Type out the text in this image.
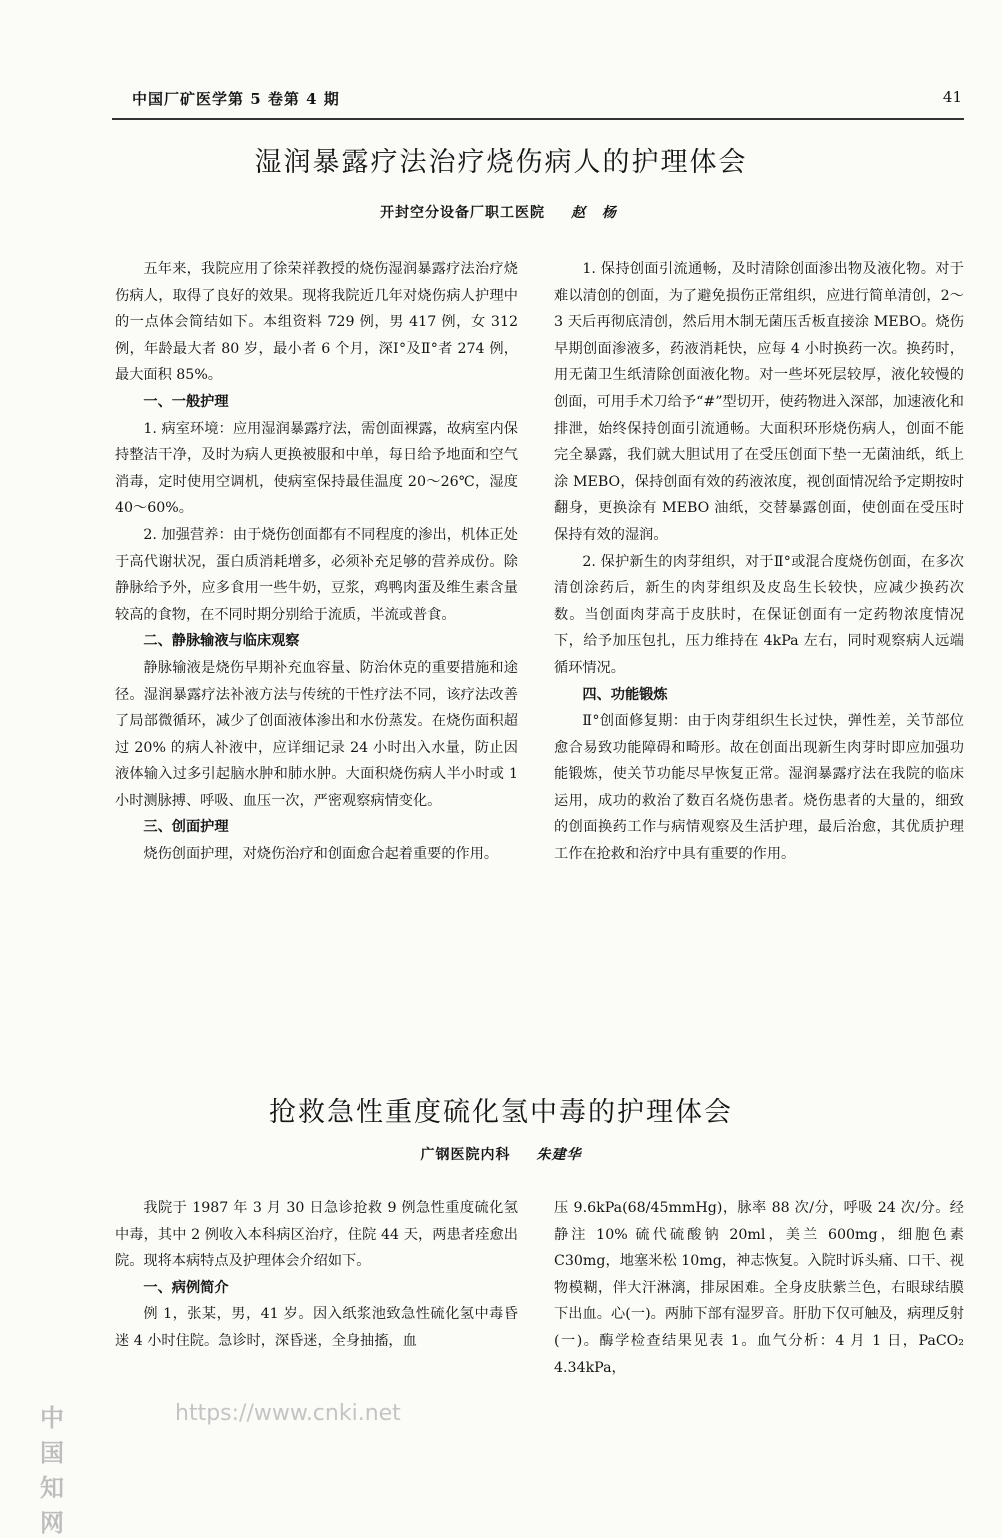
中国厂矿医学第 5 卷第 4 期	41
湿润暴露疗法治疗烧伤病人的护理体会
开封空分设备厂职工医院 赵 杨

五年来，我院应用了徐荣祥教授的烧伤湿润暴露疗法治疗烧伤病人，取得了良好的效果。现将我院近几年对烧伤病人护理中的一点体会简结如下。本组资料 729 例，男 417 例，女 312 例，年龄最大者 80 岁，最小者 6 个月，深Ⅰ°及Ⅱ°者 274 例，最大面积 85%。

一、一般护理

1. 病室环境：应用湿润暴露疗法，需创面裸露，故病室内保持整洁干净，及时为病人更换被服和中单，每日给予地面和空气消毒，定时使用空调机，使病室保持最佳温度 20～26℃，湿度 40～60%。

2. 加强营养：由于烧伤创面都有不同程度的渗出，机体正处于高代谢状况，蛋白质消耗增多，必须补充足够的营养成份。除静脉给予外，应多食用一些牛奶，豆浆，鸡鸭肉蛋及维生素含量较高的食物，在不同时期分别给于流质，半流或普食。

二、静脉输液与临床观察

静脉输液是烧伤早期补充血容量、防治休克的重要措施和途径。湿润暴露疗法补液方法与传统的干性疗法不同，该疗法改善了局部微循环，减少了创面液体渗出和水份蒸发。在烧伤面积超过 20% 的病人补液中，应详细记录 24 小时出入水量，防止因液体输入过多引起脑水肿和肺水肿。大面积烧伤病人半小时或 1 小时测脉搏、呼吸、血压一次，严密观察病情变化。

三、创面护理

烧伤创面护理，对烧伤治疗和创面愈合起着重要的作用。

1. 保持创面引流通畅，及时清除创面渗出物及液化物。对于难以清创的创面，为了避免损伤正常组织，应进行简单清创，2～3 天后再彻底清创，然后用木制无菌压舌板直接涂 MEBO。烧伤早期创面渗液多，药液消耗快，应每 4 小时换药一次。换药时，用无菌卫生纸清除创面液化物。对一些坏死层较厚，液化较慢的创面，可用手术刀给予“#”型切开，使药物进入深部，加速液化和排泄，始终保持创面引流通畅。大面积环形烧伤病人，创面不能完全暴露，我们就大胆试用了在受压创面下垫一无菌油纸，纸上涂 MEBO，保持创面有效的药液浓度，视创面情况给予定期按时翻身，更换涂有 MEBO 油纸，交替暴露创面，使创面在受压时保持有效的湿润。

2. 保护新生的肉芽组织，对于Ⅱ°或混合度烧伤创面，在多次清创涂药后，新生的肉芽组织及皮岛生长较快，应减少换药次数。当创面肉芽高于皮肤时，在保证创面有一定药物浓度情况下，给予加压包扎，压力维持在 4kPa 左右，同时观察病人远端循环情况。

四、功能锻炼

Ⅱ°创面修复期：由于肉芽组织生长过快，弹性差，关节部位愈合易致功能障碍和畸形。故在创面出现新生肉芽时即应加强功能锻炼，使关节功能尽早恢复正常。湿润暴露疗法在我院的临床运用，成功的救治了数百名烧伤患者。烧伤患者的大量的，细致的创面换药工作与病情观察及生活护理，最后治愈，其优质护理工作在抢救和治疗中具有重要的作用。

抢救急性重度硫化氢中毒的护理体会
广钢医院内科 朱建华

我院于 1987 年 3 月 30 日急诊抢救 9 例急性重度硫化氢中毒，其中 2 例收入本科病区治疗，住院 44 天，两患者痊愈出院。现将本病特点及护理体会介绍如下。

一、病例简介

例 1，张某，男，41 岁。因入纸浆池致急性硫化氢中毒昏迷 4 小时住院。急诊时，深昏迷，全身抽搐，血

压 9.6kPa(68/45mmHg)，脉率 88 次/分，呼吸 24 次/分。经静注 10% 硫代硫酸钠 20ml，美兰 600mg，细胞色素 C30mg，地塞米松 10mg，神志恢复。入院时诉头痛、口干、视物模糊，伴大汗淋漓，排尿困难。全身皮肤紫兰色，右眼球结膜下出血。心(一)。两肺下部有湿罗音。肝肋下仅可触及，病理反射(一)。酶学检查结果见表 1。血气分析：4 月 1 日，PaCO₂ 4.34kPa，

中国知网
https://www.cnki.net
